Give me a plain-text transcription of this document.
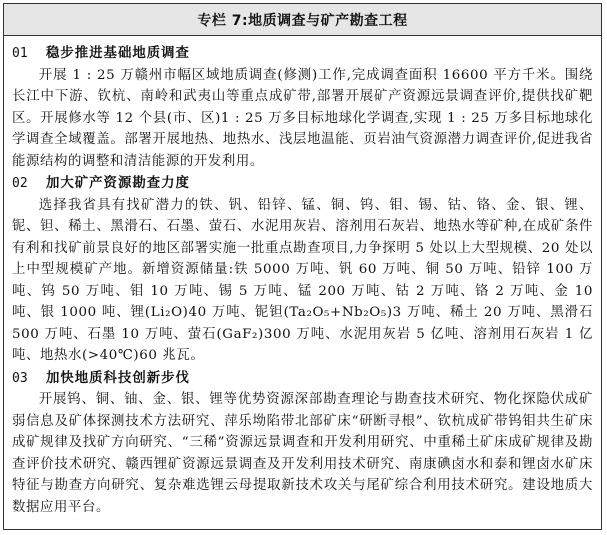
专栏 7:地质调查与矿产勘查工程
01 稳步推进基础地质调查

开展 1 : 25 万赣州市幅区域地质调查(修测)工作,完成调查面积 16600 平方千米。围绕长江中下游、钦杭、南岭和武夷山等重点成矿带,部署开展矿产资源远景调查评价,提供找矿靶区。开展修水等 12 个县(市、区)1 : 25 万多目标地球化学调查,实现 1 : 25 万多目标地球化学调查全域覆盖。部署开展地热、地热水、浅层地温能、页岩油气资源潜力调查评价,促进我省能源结构的调整和清洁能源的开发利用。

02 加大矿产资源勘查力度

选择我省具有找矿潜力的铁、钒、铅锌、锰、铜、钨、钼、锡、钴、铬、金、银、锂、铌、钽、稀土、黑滑石、石墨、萤石、水泥用灰岩、溶剂用石灰岩、地热水等矿种,在成矿条件有利和找矿前景良好的地区部署实施一批重点勘查项目,力争探明 5 处以上大型规模、20 处以上中型规模矿产地。新增资源储量:铁 5000 万吨、钒 60 万吨、铜 50 万吨、铅锌 100 万吨、钨 50 万吨、钼 10 万吨、锡 5 万吨、锰 200 万吨、钴 2 万吨、铬 2 万吨、金 10 吨、银 1000 吨、锂(Li₂O)40 万吨、铌钽(Ta₂O₅+Nb₂O₅)3 万吨、稀土 20 万吨、黑滑石 500 万吨、石墨 10 万吨、萤石(GaF₂)300 万吨、水泥用灰岩 5 亿吨、溶剂用石灰岩 1 亿吨、地热水(>40℃)60 兆瓦。

03 加快地质科技创新步伐

开展钨、铜、铀、金、银、锂等优势资源深部勘查理论与勘查技术研究、物化探隐伏成矿弱信息及矿体探测技术方法研究、萍乐坳陷带北部矿床“研断寻根”、钦杭成矿带钨钼共生矿床成矿规律及找矿方向研究、“三稀”资源远景调查和开发利用研究、中重稀土矿床成矿规律及勘查评价技术研究、赣西锂矿资源远景调查及开发利用技术研究、南康碘卤水和泰和锂卤水矿床特征与勘查方向研究、复杂难选锂云母提取新技术攻关与尾矿综合利用技术研究。建设地质大数据应用平台。
